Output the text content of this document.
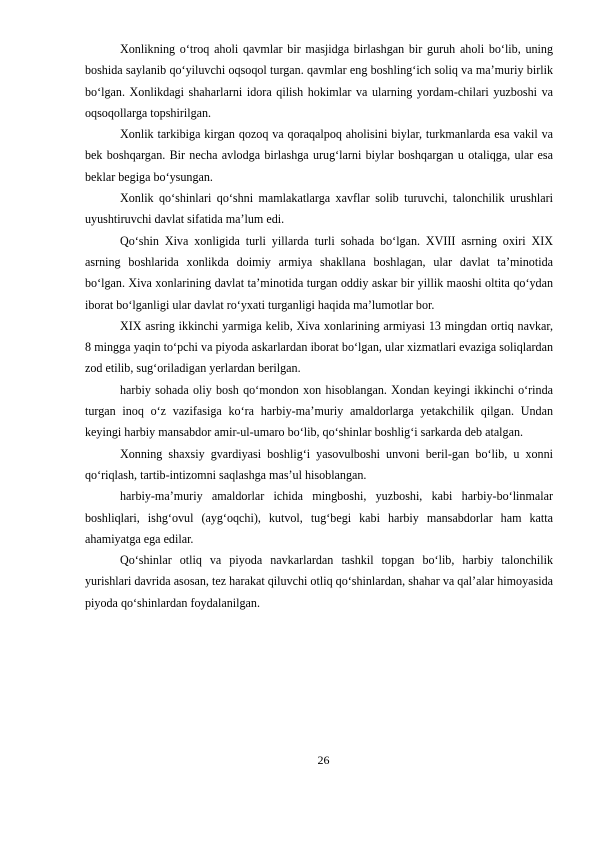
Xonlikning o‘troq aholi qavmlar bir masjidga birlashgan bir guruh aholi bo‘lib, uning boshida saylanib qo‘yiluvchi oqsoqol turgan. qavmlar eng boshling‘ich soliq va ma’muriy birlik bo‘lgan. Xonlikdagi shaharlarni idora qilish hokimlar va ularning yordam-chilari yuzboshi va oqsoqollarga topshirilgan.

Xonlik tarkibiga kirgan qozoq va qoraqalpoq aholisini biylar, turkmanlarda esa vakil va bek boshqargan. Bir necha avlodga birlashga urug‘larni biylar boshqargan u otaliqga, ular esa beklar begiga bo‘ysungan.

Xonlik qo‘shinlari qo‘shni mamlakatlarga xavflar solib turuvchi, talonchilik urushlari uyushtiruvchi davlat sifatida ma’lum edi.

Qo‘shin Xiva xonligida turli yillarda turli sohada bo‘lgan. XVIII asrning oxiri XIX asrning boshlarida xonlikda doimiy armiya shakllana boshlagan, ular davlat ta’minotida bo‘lgan. Xiva xonlarining davlat ta’minotida turgan oddiy askar bir yillik maoshi oltita qo‘ydan iborat bo‘lganligi ular davlat ro‘yxati turganligi haqida ma’lumotlar bor.

XIX asring ikkinchi yarmiga kelib, Xiva xonlarining armiyasi 13 mingdan ortiq navkar, 8 mingga yaqin to‘pchi va piyoda askarlardan iborat bo‘lgan, ular xizmatlari evaziga soliqlardan zod etilib, sug‘oriladigan yerlardan berilgan.

harbiy sohada oliy bosh qo‘mondon xon hisoblangan. Xondan keyingi ikkinchi o‘rinda turgan inoq o‘z vazifasiga ko‘ra harbiy-ma’muriy amaldorlarga yetakchilik qilgan. Undan keyingi harbiy mansabdor amir-ul-umaro bo‘lib, qo‘shinlar boshlig‘i sarkarda deb atalgan.

Xonning shaxsiy gvardiyasi boshlig‘i yasovulboshi unvoni beril-gan bo‘lib, u xonni qo‘riqlash, tartib-intizomni saqlashga mas’ul hisoblangan.

harbiy-ma’muriy amaldorlar ichida mingboshi, yuzboshi, kabi harbiy-bo‘linmalar boshliqlari, ishg‘ovul (ayg‘oqchi), kutvol, tug‘begi kabi harbiy mansabdorlar ham katta ahamiyatga ega edilar.

Qo‘shinlar otliq va piyoda navkarlardan tashkil topgan bo‘lib, harbiy talonchilik yurishlari davrida asosan, tez harakat qiluvchi otliq qo‘shinlardan, shahar va qal’alar himoyasida piyoda qo‘shinlardan foydalanilgan.

26
